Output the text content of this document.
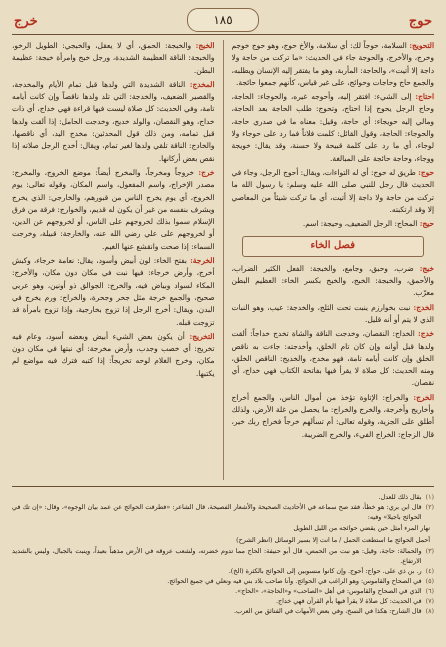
حوج
١٨٥
خرج

التحويج: السلامة، حوجاً لك: أي سلامة، والأخ حوج، وهو حوج خوجم وخرج، والأخرج، والحوجة جاء في الحديث: «ما تركت من حاجة ولا داجة إلا أتيت»، والحاجة: المأربة، وهو ما يفتقر إليه الإنسان ويطلبه، والجمع حاج وحاجات وحوائج، على غير قياس، كأنهم جمعوا حائجة.

احتاج: إلى الشيء: افتقر إليه، وأحوجه غيره، والحوجاء: الحاجة، وحاج الرجل يحوج إذا احتاج، وتحوج: طلب الحاجة بعد الحاجة، ومالي إليه حويجاء: أي حاجة، وقيل: معناه ما في صدري حاجة، والحوجاء: الحاجة، وقول القائل: كلمت فلاناً فما رد على حوجاء ولا لوجاء، أي ما رد على كلمة قبيحة ولا حسنة، وقد يقال: خويجة ووجاء، وحاجة حائجة على المبالغة.

حوج: طريق له حوج: أي له التواءات، ويقال: أحوج الرجل، وجاء في الحديث قال رجل للنبي صلى الله عليه وسلم: يا رسول الله ما تركت من حاجة ولا داجة إلا أتيت، أي ما تركت شيئاً من المعاصي إلا وقد ارتكبته.

حيج: المحاج: الرجل الضعيف، وحيجة: اسم.

فصل الخاء

خبج: ضرب، وحبق، وجامع، والخبجة: الفعل الكثير الضراب، والأحمق، والخبجة: الخبج، والخبج بكسر الخاء: العظيم البطن معرّب.

الخدج: نبت بخوارزم ينبت تحت الثلج، والخدجة: عيب، وهو النبات الذي لا يتم أو أنه قليل.

خدج: الخداج: النقصان، وخدجت الناقة والشاة تخدج خداجاً: ألقت ولدها قبل أوانه وإن كان تام الخلق، وأخدجته: جاءت به ناقص الخلق وإن كانت أيامه تامة، فهو مخدج، والخديج: الناقص الخلق، ومنه الحديث: كل صلاة لا يقرأ فيها بفاتحة الكتاب فهي خداج، أي نقصان.

الخرج: والخراج: الإتاوة تؤخذ من أموال الناس، والجمع أخراج وأخاريج وأخرجة، والخرج والخراج: ما يحصل من غلة الأرض، ولذلك أطلق على الجزية، وقوله تعالى: أم تسألهم خرجاً فخراج ربك خير، قال الزجاج: الخراج الفيء، والخرج الضريبة.

الخبج: والخبجة: الحمق، أي لا يعقل، والخبجي: الطويل الرخو، والخبجة: الناقة العظيمة الشديدة، ورجل خبج وامرأة خبجة: عظيمة البطن.

المخدج: الناقة الشديدة التي ولدها قبل تمام الأيام والمخدجة، والقصير الضعيف، والخدجة: التي تلد ولدها ناقصاً وإن كانت أيامه تامة، وفي الحديث: كل صلاة ليست فيها قراءة فهي خداج، أي ذات خداج، وهو النقصان، والولد خديج، وخدجت الحامل: إذا ألقت ولدها قبل تمامه، ومن ذلك قول المحدثين: مخدج اليد، أي ناقصها، والخادج: الناقة تلقي ولدها لغير تمام، ويقال: أخدج الرجل صلاته إذا نقص بعض أركانها.

خرج: خروجاً ومخرجاً، والمخرج أيضاً: موضع الخروج، والمخرج: مصدر الإخراج، واسم المفعول، واسم المكان، وقوله تعالى: يوم الخروج، أي يوم يخرج الناس من قبورهم، والخارجي: الذي يخرج ويشرف بنفسه من غير أن يكون له قديم، والخوارج: فرقة من فرق الإسلام سموا بذلك لخروجهم على الناس، أو لخروجهم عن الدين، أو لخروجهم على علي رضي الله عنه، والخارجة: قبيلة، وخرجت السماء: إذا صحت وانقشع عنها الغيم.

الخرجة: بفتح الخاء: لون أبيض وأسود، يقال: نعامة خرجاء، وكبش أخرج، وأرض خرجاء: فيها نبت في مكان دون مكان، والأخرج: المكاء لسواد وبياض فيه، والخرج: الجوالق ذو أونين، وهو عربي صحيح، والجمع خرجة مثل جحر وجحرة، والخراج: ورم يخرج في البدن، ويقال: أخرج الرجل إذا تزوج بخارجية، وإذا تزوج بامرأة قد تزوجت قبله.

التخريج: أن يكون بعض الشيء أبيض وبعضه أسود، وعام فيه تخريج: أي خصب وجدب، وأرض مخرجة: أي نبتها في مكان دون مكان، وخرج الغلام لوحه تخريجاً: إذا كتبه فترك فيه مواضع لم يكتبها.

(١)
بقال ذلك للعدل.
(٢)
قال ابن بري: هو خطأ، فقد صح سماعه في الأحاديث الصحيحة والأشعار الفصيحة، قال الشاعر: «فطرفت الحوائج عن عمد بيان الوجوه»، وقال: «إن تك في الحوائج باجيلا» وفيه:
نهار المرء أمثل حين يقضي حوائجه من الليل الطويل
أحمل الحوائج ما استطعت الحمل / ما انت إلا بسير الوسائل (انظر الشرح)
(٣)
والحمالة: حاجة، وقيل: هو نبت من الحمص، قال أبو حنيفة: الحاج مما تدوم خضرته، ولشعب عروقه في الأرض مذهباً بعيداً، وينبت بالجبال، وليس بالشديد الارتفاع.
(٤)
ر. بن ذي على. حواج: أحوج. وإن كانوا منسوبين إلى الحوائج بالكثرة (الخ).
(٥)
في الصحاح والقاموس: وهو الراغب في الحوائج. وأنا صاحب بلاد بني فيه ونعلي في جميع الحوائج.
(٦)
الذي في الصحاح والقاموس: في أهل «الصاحب» و«الحاجة»، «الحاج».
(٧)
في الحديث: كل صلاة لا يقرأ فيها بأم القرآن فهي خداج.
(٨)
قال الشارح: هكذا في النسخ، وفي بعض الأمهات في الفتائق من العرب.
